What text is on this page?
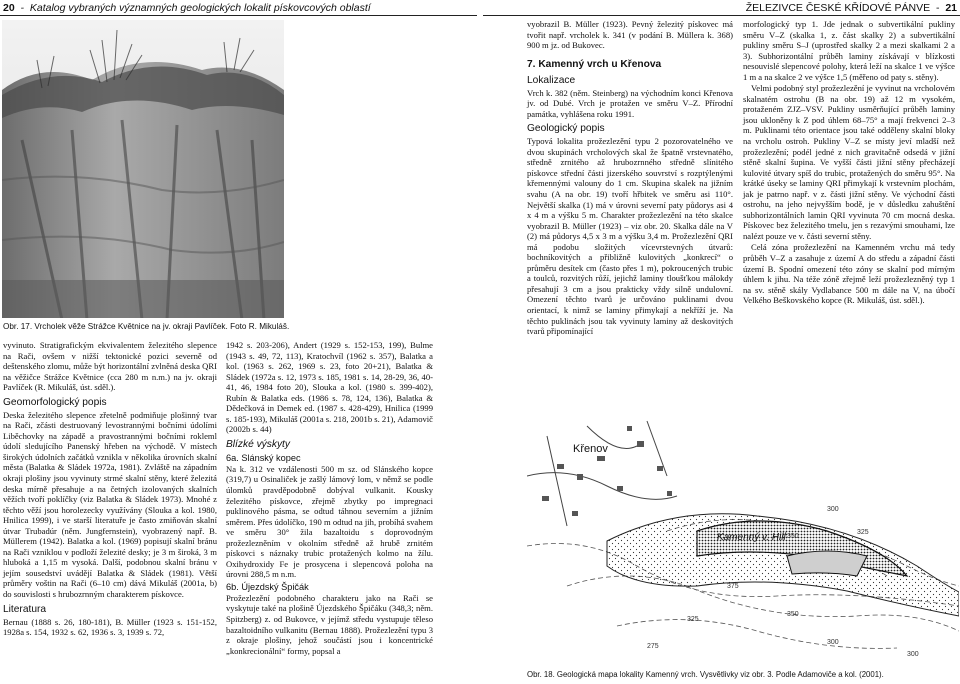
20  -  Katalog vybraných významných geologických lokalit pískovcových oblastí
Obr. 17. Vrcholek věže Strážce Květnice na jv. okraji Pavlíček. Foto R. Mikuláš.

vyvinuto. Stratigrafickým ekvivalentem železitého slepence na Rači, ovšem v nižší tektonické pozici severně od deštenského zlomu, může být horizontální zvlněná deska QRI na věžičce Strážce Květnice (cca 280 m n.m.) na jv. okraji Pavlíček (R. Mikuláš, úst. sděl.).

Geomorfologický popis

Deska železitého slepence zřetelně podmiňuje plošinný tvar na Rači, zčásti destruovaný levostrannými bočními údolími Liběchovky na západě a pravostrannými bočními rokleml údolí sledujícího Panenský hřeben na východě. V místech širokých údolních začátků vznikla v několika úrovních skalní města (Balatka & Sládek 1972a, 1981). Zvláště na západním okraji plošiny jsou vyvinuty strmé skalní stěny, které železitá deska mírně přesahuje a na četných izolovaných skalních věžích tvoří poklíčky (viz Balatka & Sládek 1973). Mnohé z těchto věží jsou horolezecky využívány (Slouka a kol. 1980, Hnilica 1999), i ve starší literatuře je často zmiňován skalní útvar Trubadúr (něm. Jungfernstein), vyobrazený např. B. Müllerem (1942). Balatka a kol. (1969) popisují skalní bránu na Rači vzniklou v podloží železité desky; je 3 m široká, 3 m hluboká a 1,15 m vysoká. Další, podobnou skalní bránu v jejím sousedství uvádějí Balatka & Sládek (1981). Větší průměry voštin na Rači (6–10 cm) dává Mikuláš (2001a, b) do souvislosti s hrubozrnným charakterem pískovce.

Literatura

Bernau (1888 s. 26, 180-181), B. Müller (1923 s. 151-152, 1928a s. 154, 1932 s. 62, 1936 s. 3, 1939 s. 72,

1942 s. 203-206), Andert (1929 s. 152-153, 199), Bulme (1943 s. 49, 72, 113), Kratochvíl (1962 s. 357), Balatka a kol. (1963 s. 262, 1969 s. 23, foto 20+21), Balatka & Sládek (1972a s. 12, 1973 s. 185, 1981 s. 14, 28-29, 36, 40-41, 46, 1984 foto 20), Slouka a kol. (1980 s. 399-402), Rubín & Balatka eds. (1986 s. 78, 124, 136), Balatka & Dědečková in Demek ed. (1987 s. 428-429), Hnilica (1999 s. 185-193), Mikuláš (2001a s. 218, 2001b s. 21), Adamovič (2002b s. 44)

Blízké výskyty
6a. Slánský kopec

Na k. 312 ve vzdálenosti 500 m sz. od Slánského kopce (319,7) u Osinaliček je zašlý lámový lom, v němž se podle úlomků pravděpodobně dobýval vulkanit. Kousky železitého pískovce, zřejmě zbytky po impregnaci puklinového pásma, se odtud táhnou severním a jižním směrem. Přes údolíčko, 190 m odtud na jih, probíhá svahem ve směru 30° žila bazaltoidu s doprovodným prožezlezněním v okolním středně až hrubě zrnitém pískovci s náznaky trubic protažených kolmo na žílu. Oxihydroxidy Fe je prosycena i slepencová poloha na úrovni 288,5 m n.m.

6b. Újezdský Špičák

Prožezlezění podobného charakteru jako na Rači se vyskytuje také na plošině Újezdského Špičáku (348,3; něm. Spitzberg) z. od Bukovce, v jejímž středu vystupuje těleso bazaltoidního vulkanitu (Bernau 1888). Prožezlezění typu 3 z okraje plošiny, jehož součástí jsou i koncentrické „konkrecionální“ formy, popsal a

ŽELEZIVCE ČESKÉ KŘÍDOVÉ PÁNVE  -  21

vyobrazil B. Müller (1923). Pevný železitý pískovec má tvořit např. vrcholek k. 341 (v podání B. Müllera k. 368) 900 m jz. od Bukovec.

7. Kamenný vrch u Křenova
Lokalizace

Vrch k. 382 (něm. Steinberg) na východním konci Křenova jv. od Dubé. Vrch je protažen ve směru V–Z. Přírodní památka, vyhlášena roku 1991.

Geologický popis

Typová lokalita prožezlezění typu 2 pozorovatelného ve dvou skupinách vrcholových skal že špatně vrstevnatého, středně zrnitého až hrubozrnného středně slínitého pískovce střední části jizerského souvrství s rozptýlenými křemennými valouny do 1 cm. Skupina skalek na jižním svahu (A na obr. 19) tvoří hřbitek ve směru asi 110°. Největší skalka (1) má v úrovni severní paty půdorys asi 4 x 4 m a výšku 5 m. Charakter prožezlezění na této skalce vyobrazil B. Müller (1923) – viz obr. 20. Skalka dále na V (2) má půdorys 4,5 x 3 m a výšku 3,4 m. Prožezlezění QRI má podobu složitých vícevrstevných útvarů: bochníkovitých a přibližně kulovitých „konkrecí“ o průměru desítek cm (často přes 1 m), pokroucených trubic a toulců, rozvitých růží, jejichž laminy tloušťkou málokdy přesahují 3 cm a jsou prakticky vždy silně undulovní. Omezení těchto tvarů je určováno puklinami dvou orientací, k nimž se laminy přimykají a nekříží je. Na těchto puklinách jsou tak vyvinuty laminy až deskovitých tvarů připomínající

morfologický typ 1. Jde jednak o subvertikální pukliny směru V–Z (skalka 1, z. část skalky 2) a subvertikální pukliny směru S–J (uprostřed skalky 2 a mezi skalkami 2 a 3). Subhorizontální průběh laminy získávají v blízkosti nesouvislé slepencové polohy, která leží na skalce 1 ve výšce 1 m a na skalce 2 ve výšce 1,5 (měřeno od paty s. stěny).

Velmi podobný styl prožezlezění je vyvinut na vrcholovém skalnatém ostrohu (B na obr. 19) až 12 m vysokém, protaženém ZJZ–VSV. Pukliny usměrňující průběh laminy jsou ukloněny k Z pod úhlem 68–75° a mají frekvenci 2–3 m. Puklinami této orientace jsou také odděleny skalní bloky na vrcholu ostroh. Pukliny V–Z se místy jeví mladší než prožezlezění; podél jedné z nich gravitačně odsedá v jižní stěně skalní šupina. Ve vyšší části jižní stěny přecházejí kulovité útvary spíš do trubic, protažených do směru 95°. Na krátké úseky se laminy QRI přimykají k vrstevním plochám, jak je patrno např. v z. části jižní stěny. Ve východní části ostrohu, na jeho nejvyšším bodě, je v důsledku zahuštění subhorizontálních lamin QRI vyvinuta 70 cm mocná deska. Pískovec bez železitého tmelu, jen s rezavými smouhami, lze nalézt pouze ve v. části severní stěny.

Celá zóna prožezlezění na Kamenném vrchu má tedy průběh V–Z a zasahuje z území A do středu a západní části území B. Spodní omezení této zóny se skalní pod mírným úhlem k jihu. Na téže zóně zřejmě leží prožezlezněný typ 1 na sv. stěně skály Vydlabance 500 m dále na V, na úbočí Velkého Beškovského kopce (R. Mikuláš, úst. sděl.).

300
325
350
375
350
325
300
275
300
Křenov
Kamenný v. Hill
Obr. 18. Geologická mapa lokality Kamenný vrch. Vysvětlivky viz obr. 3. Podle Adamoviče a kol. (2001).
